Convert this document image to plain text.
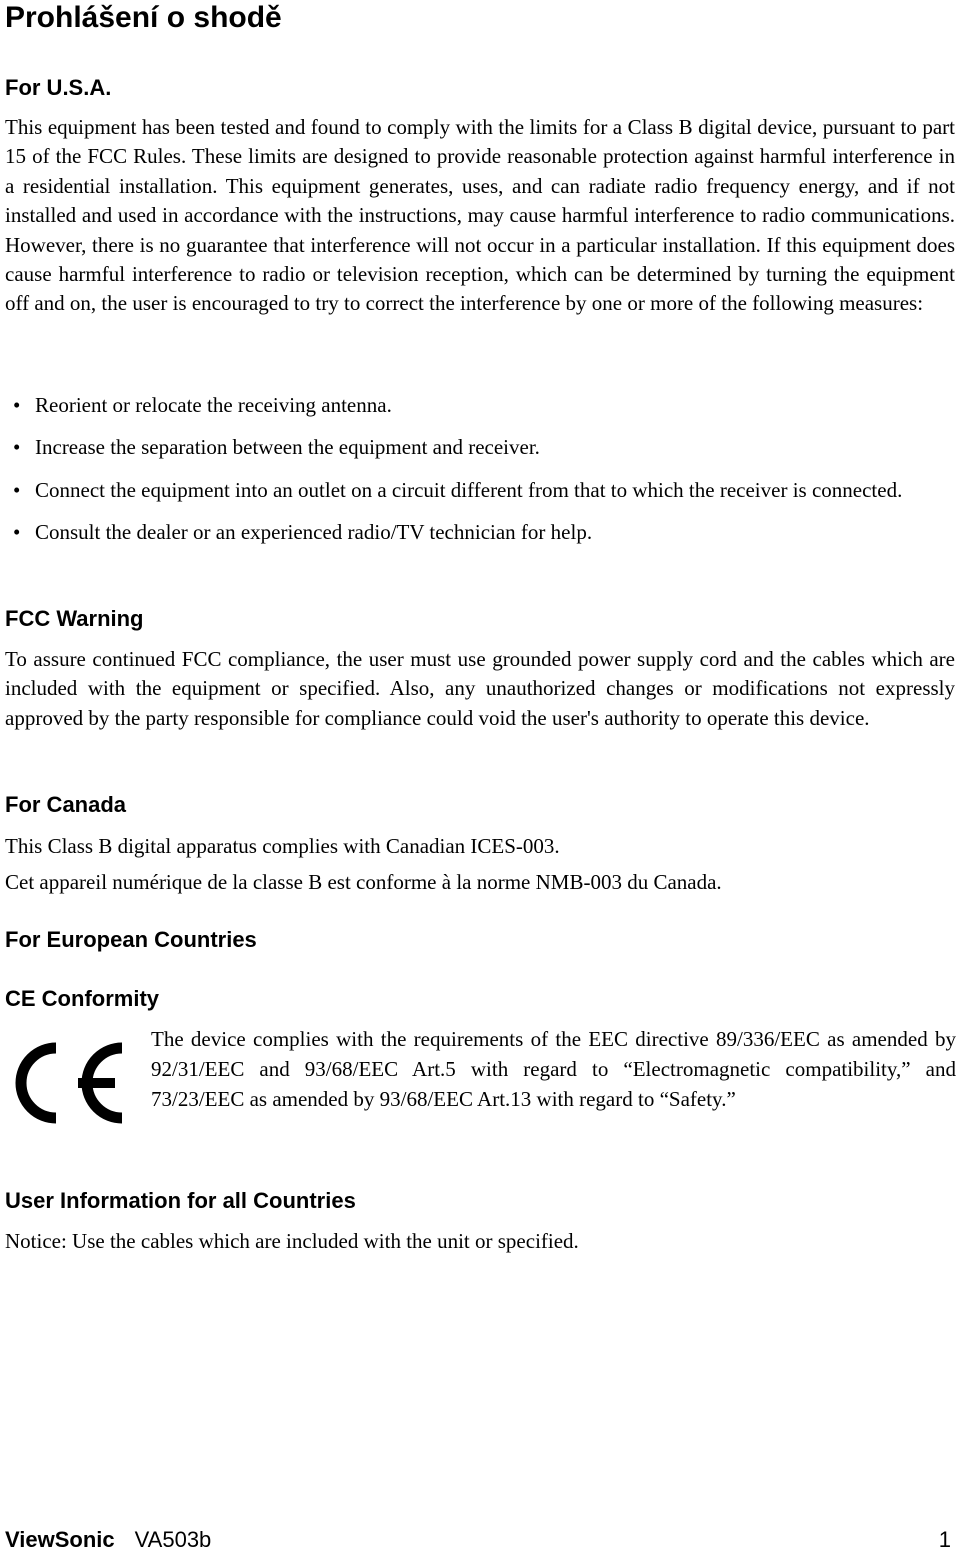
Prohlášení o shodě
For U.S.A.

This equipment has been tested and found to comply with the limits for a Class B digital device, pursuant to part 15 of the FCC Rules. These limits are designed to provide reasonable protection against harmful interference in a residential installation. This equipment generates, uses, and can radiate radio frequency energy, and if not installed and used in accordance with the instructions, may cause harmful interference to radio communications. However, there is no guarantee that interference will not occur in a particular installation. If this equipment does cause harmful interference to radio or television reception, which can be determined by turning the equipment off and on, the user is encouraged to try to correct the interference by one or more of the following measures:

• Reorient or relocate the receiving antenna.
• Increase the separation between the equipment and receiver.
• Connect the equipment into an outlet on a circuit different from that to which the receiver is connected.
• Consult the dealer or an experienced radio/TV technician for help.
FCC Warning

To assure continued FCC compliance, the user must use grounded power supply cord and the cables which are included with the equipment or specified. Also, any unauthorized changes or modifications not expressly approved by the party responsible for compliance could void the user's authority to operate this device.

For Canada

This Class B digital apparatus complies with Canadian ICES-003.

Cet appareil numérique de la classe B est conforme à la norme NMB-003 du Canada.

For European Countries
CE Conformity

The device complies with the requirements of the EEC directive 89/336/EEC as amended by 92/31/EEC and 93/68/EEC Art.5 with regard to “Electromagnetic compatibility,” and 73/23/EEC as amended by 93/68/EEC Art.13 with regard to “Safety.”

User Information for all Countries

Notice: Use the cables which are included with the unit or specified.

ViewSonic VA503b	1
